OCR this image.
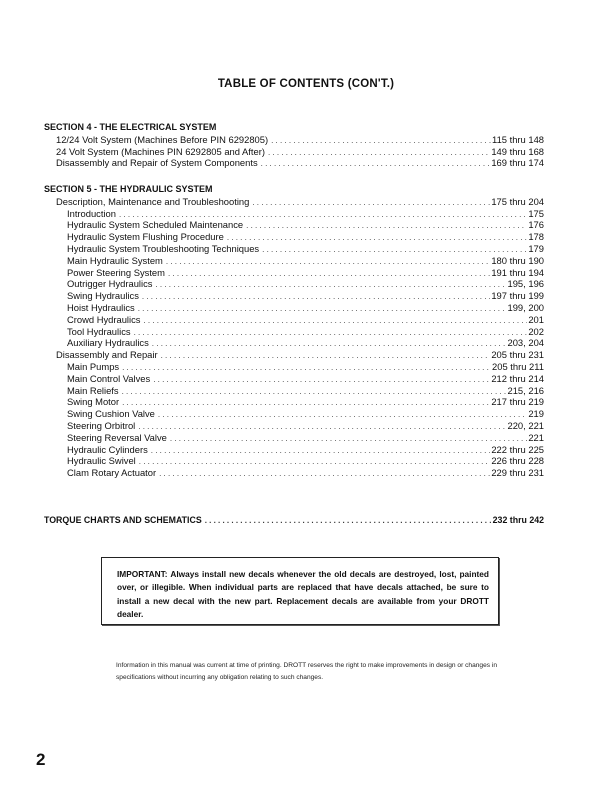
TABLE OF CONTENTS (CON'T.)
SECTION 4 - THE ELECTRICAL SYSTEM
12/24 Volt System (Machines Before PIN 6292805) . . .	115 thru 148
24 Volt System (Machines PIN 6292805 and After) . . .	149 thru 168
Disassembly and Repair of System Components . . .	169 thru 174
SECTION 5 - THE HYDRAULIC SYSTEM
Description, Maintenance and Troubleshooting . . .	175 thru 204
Introduction . . .	175
Hydraulic System Scheduled Maintenance . . .	176
Hydraulic System Flushing Procedure . . .	178
Hydraulic System Troubleshooting Techniques . . .	179
Main Hydraulic System . . .	180 thru 190
Power Steering System . . .	191 thru 194
Outrigger Hydraulics . . .	195, 196
Swing Hydraulics . . .	197 thru 199
Hoist Hydraulics . . .	199, 200
Crowd Hydraulics . . .	201
Tool Hydraulics . . .	202
Auxiliary Hydraulics . . .	203, 204
Disassembly and Repair . . .	205 thru 231
Main Pumps . . .	205 thru 211
Main Control Valves . . .	212 thru 214
Main Reliefs . . .	215, 216
Swing Motor . . .	217 thru 219
Swing Cushion Valve . . .	219
Steering Orbitrol . . .	220, 221
Steering Reversal Valve . . .	221
Hydraulic Cylinders . . .	222 thru 225
Hydraulic Swivel . . .	226 thru 228
Clam Rotary Actuator . . .	229 thru 231
TORQUE CHARTS AND SCHEMATICS . . .	232 thru 242

IMPORTANT: Always install new decals whenever the old decals are destroyed, lost, painted over, or illegible. When individual parts are replaced that have decals attached, be sure to install a new decal with the new part. Replacement decals are available from your DROTT dealer.

Information in this manual was current at time of printing. DROTT reserves the right to make improvements in design or changes in specifications without incurring any obligation relating to such changes.
2
